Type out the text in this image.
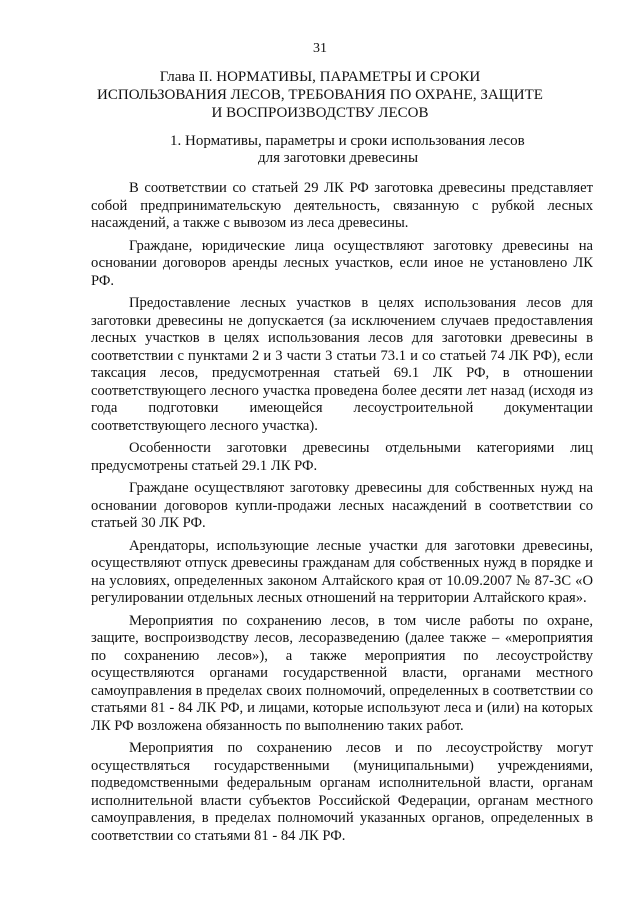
31
Глава II. НОРМАТИВЫ, ПАРАМЕТРЫ И СРОКИ
ИСПОЛЬЗОВАНИЯ ЛЕСОВ, ТРЕБОВАНИЯ ПО ОХРАНЕ, ЗАЩИТЕ
И ВОСПРОИЗВОДСТВУ ЛЕСОВ
1. Нормативы, параметры и сроки использования лесов
для заготовки древесины

В соответствии со статьей 29 ЛК РФ заготовка древесины представляет собой предпринимательскую деятельность, связанную с рубкой лесных насаждений, а также с вывозом из леса древесины.

Граждане, юридические лица осуществляют заготовку древесины на основании договоров аренды лесных участков, если иное не установлено ЛК РФ.

Предоставление лесных участков в целях использования лесов для заготовки древесины не допускается (за исключением случаев предоставления лесных участков в целях использования лесов для заготовки древесины в соответствии с пунктами 2 и 3 части 3 статьи 73.1 и со статьей 74 ЛК РФ), если таксация лесов, предусмотренная статьей 69.1 ЛК РФ, в отношении соответствующего лесного участка проведена более десяти лет назад (исходя из года подготовки имеющейся лесоустроительной документации соответствующего лесного участка).

Особенности заготовки древесины отдельными категориями лиц предусмотрены статьей 29.1 ЛК РФ.

Граждане осуществляют заготовку древесины для собственных нужд на основании договоров купли-продажи лесных насаждений в соответствии со статьей 30 ЛК РФ.

Арендаторы, использующие лесные участки для заготовки древесины, осуществляют отпуск древесины гражданам для собственных нужд в порядке и на условиях, определенных законом Алтайского края от 10.09.2007 № 87-ЗС «О регулировании отдельных лесных отношений на территории Алтайского края».

Мероприятия по сохранению лесов, в том числе работы по охране, защите, воспроизводству лесов, лесоразведению (далее также – «мероприятия по сохранению лесов»), а также мероприятия по лесоустройству осуществляются органами государственной власти, органами местного самоуправления в пределах своих полномочий, определенных в соответствии со статьями 81 - 84 ЛК РФ, и лицами, которые используют леса и (или) на которых ЛК РФ возложена обязанность по выполнению таких работ.

Мероприятия по сохранению лесов и по лесоустройству могут осуществляться государственными (муниципальными) учреждениями, подведомственными федеральным органам исполнительной власти, органам исполнительной власти субъектов Российской Федерации, органам местного самоуправления, в пределах полномочий указанных органов, определенных в соответствии со статьями 81 - 84 ЛК РФ.
